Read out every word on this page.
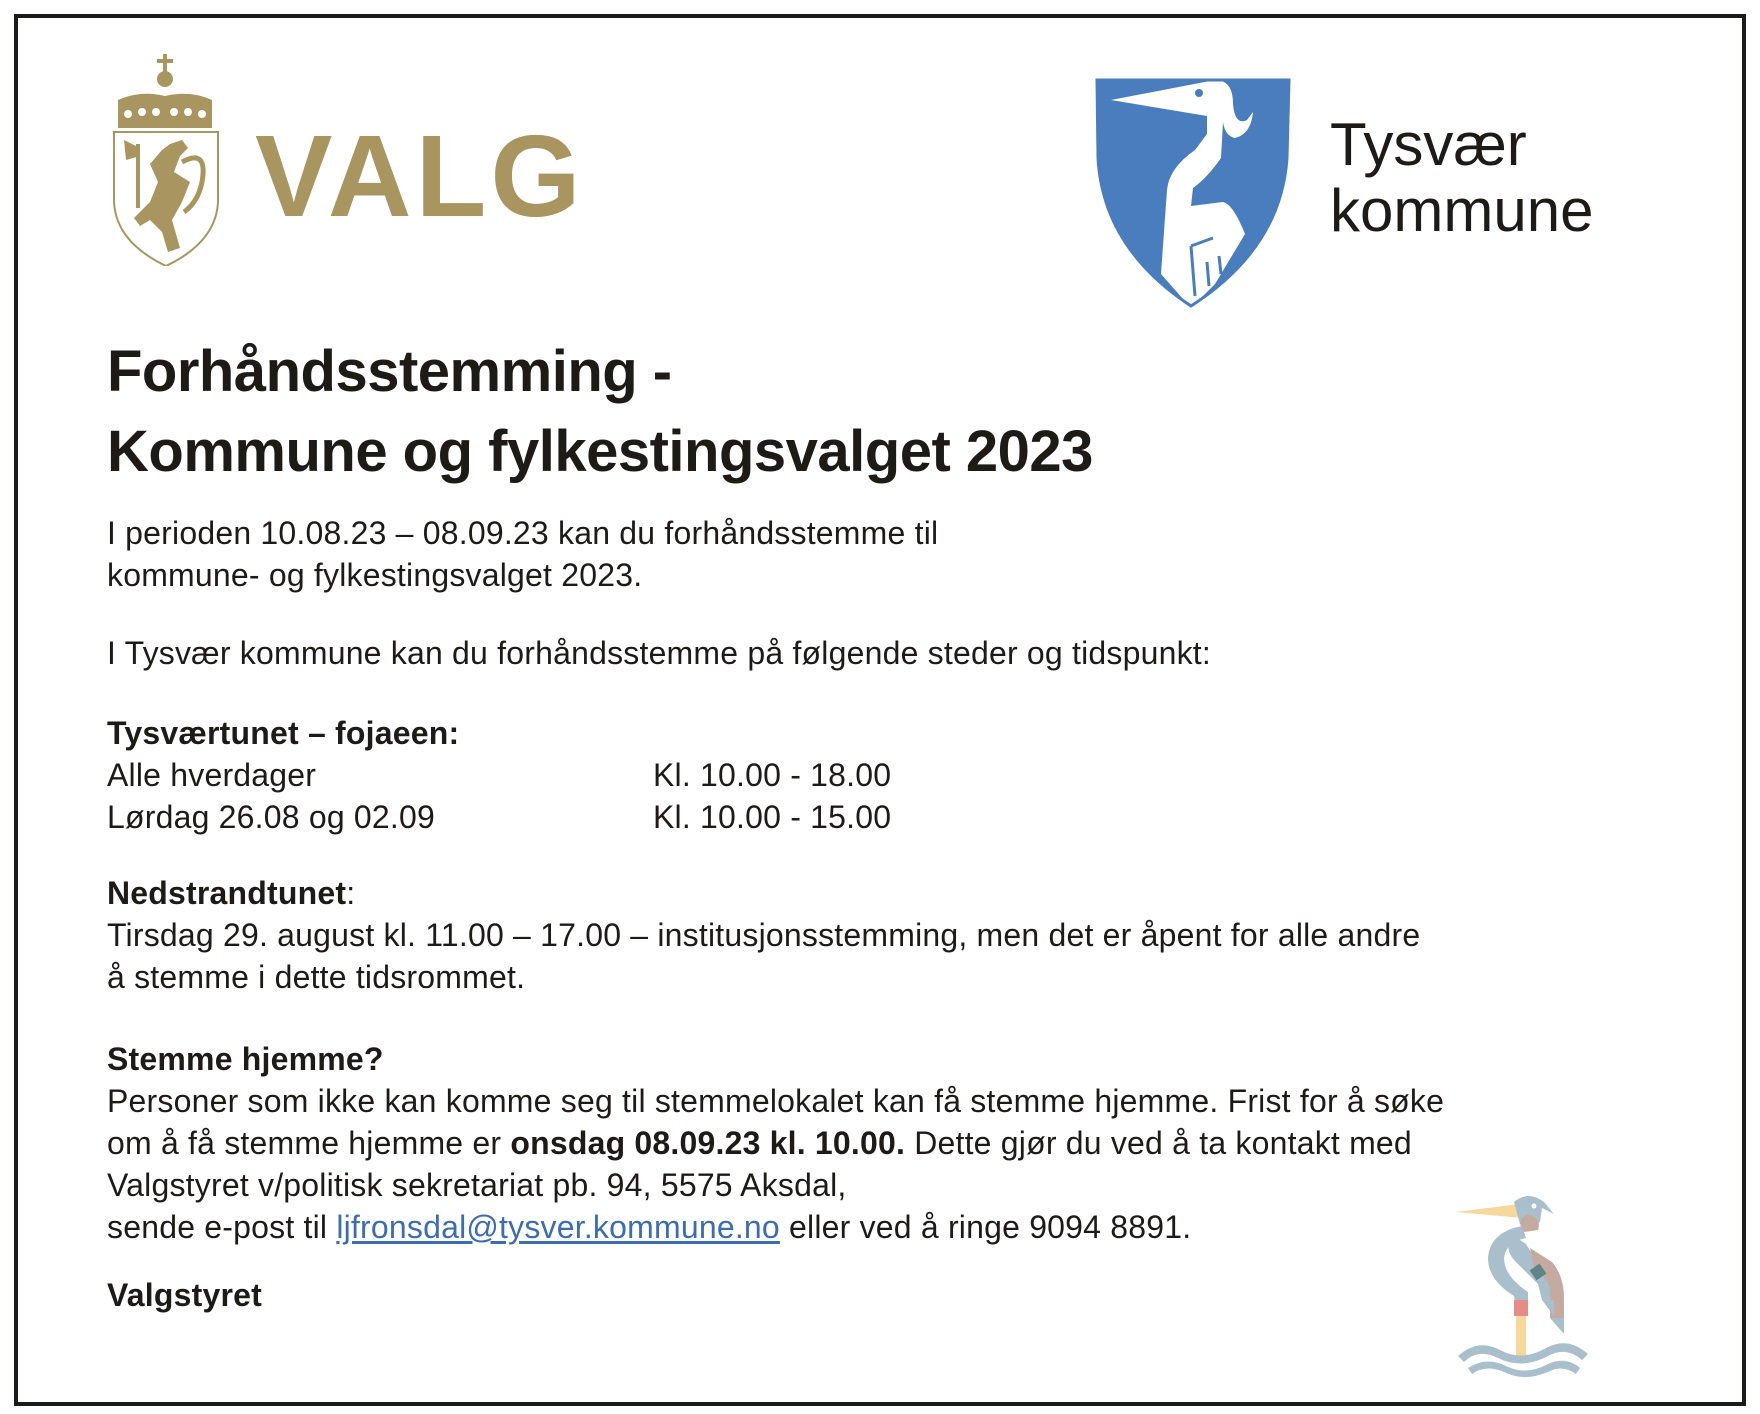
VALG	Tysvær
kommune
Forhåndsstemming -
Kommune og fylkestingsvalget 2023
I perioden 10.08.23 – 08.09.23 kan du forhåndsstemme til
kommune- og fylkestingsvalget 2023.
I Tysvær kommune kan du forhåndsstemme på følgende steder og tidspunkt:
Tysværtunet – fojaeen:
Alle hverdager	Kl. 10.00 - 18.00
Lørdag 26.08 og 02.09	Kl. 10.00 - 15.00
Nedstrandtunet:
Tirsdag 29. august kl. 11.00 – 17.00 – institusjonsstemming, men det er åpent for alle andre
å stemme i dette tidsrommet.
Stemme hjemme?
Personer som ikke kan komme seg til stemmelokalet kan få stemme hjemme. Frist for å søke
om å få stemme hjemme er onsdag 08.09.23 kl. 10.00. Dette gjør du ved å ta kontakt med
Valgstyret v/politisk sekretariat pb. 94, 5575 Aksdal,
sende e-post til ljfronsdal@tysver.kommune.no eller ved å ringe 9094 8891.
Valgstyret
